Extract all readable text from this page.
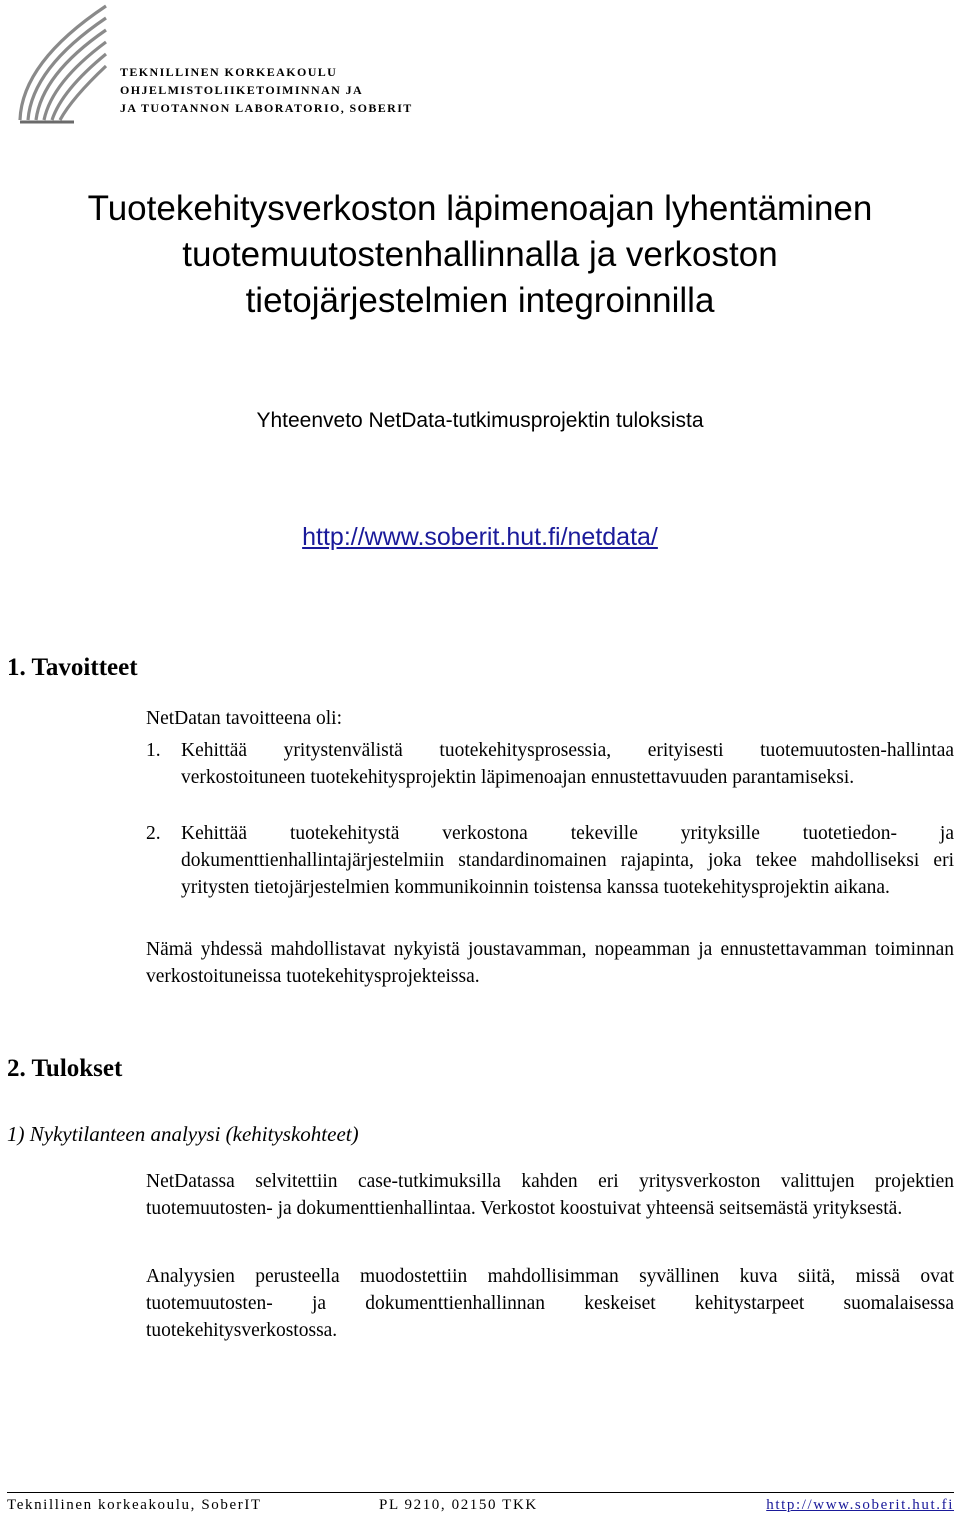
TEKNILLINEN KORKEAKOULU
OHJELMISTOLIIKETOIMINNAN JA
JA TUOTANNON LABORATORIO, SOBERIT
Tuotekehitysverkoston läpimenoajan lyhentäminen
tuotemuutostenhallinnalla ja verkoston
tietojärjestelmien integroinnilla
Yhteenveto NetData-tutkimusprojektin tuloksista
http://www.soberit.hut.fi/netdata/
1. Tavoitteet

NetDatan tavoitteena oli:

1. Kehittää yritystenvälistä tuotekehitysprosessia, erityisesti tuotemuutosten-hallintaa verkostoituneen tuotekehitysprojektin läpimenoajan ennustettavuuden parantamiseksi.
2. Kehittää tuotekehitystä verkostona tekeville yrityksille tuotetiedon- ja dokumenttienhallintajärjestelmiin standardinomainen rajapinta, joka tekee mahdolliseksi eri yritysten tietojärjestelmien kommunikoinnin toistensa kanssa tuotekehitysprojektin aikana.

Nämä yhdessä mahdollistavat nykyistä joustavamman, nopeamman ja ennustettavamman toiminnan verkostoituneissa tuotekehitysprojekteissa.

2. Tulokset
1) Nykytilanteen analyysi (kehityskohteet)

NetDatassa selvitettiin case-tutkimuksilla kahden eri yritysverkoston valittujen projektien tuotemuutosten- ja dokumenttienhallintaa. Verkostot koostuivat yhteensä seitsemästä yrityksestä.

Analyysien perusteella muodostettiin mahdollisimman syvällinen kuva siitä, missä ovat tuotemuutosten- ja dokumenttienhallinnan keskeiset kehitystarpeet suomalaisessa tuotekehitysverkostossa.

Teknillinen korkeakoulu, SoberIT	PL 9210, 02150 TKK	http://www.soberit.hut.fi
